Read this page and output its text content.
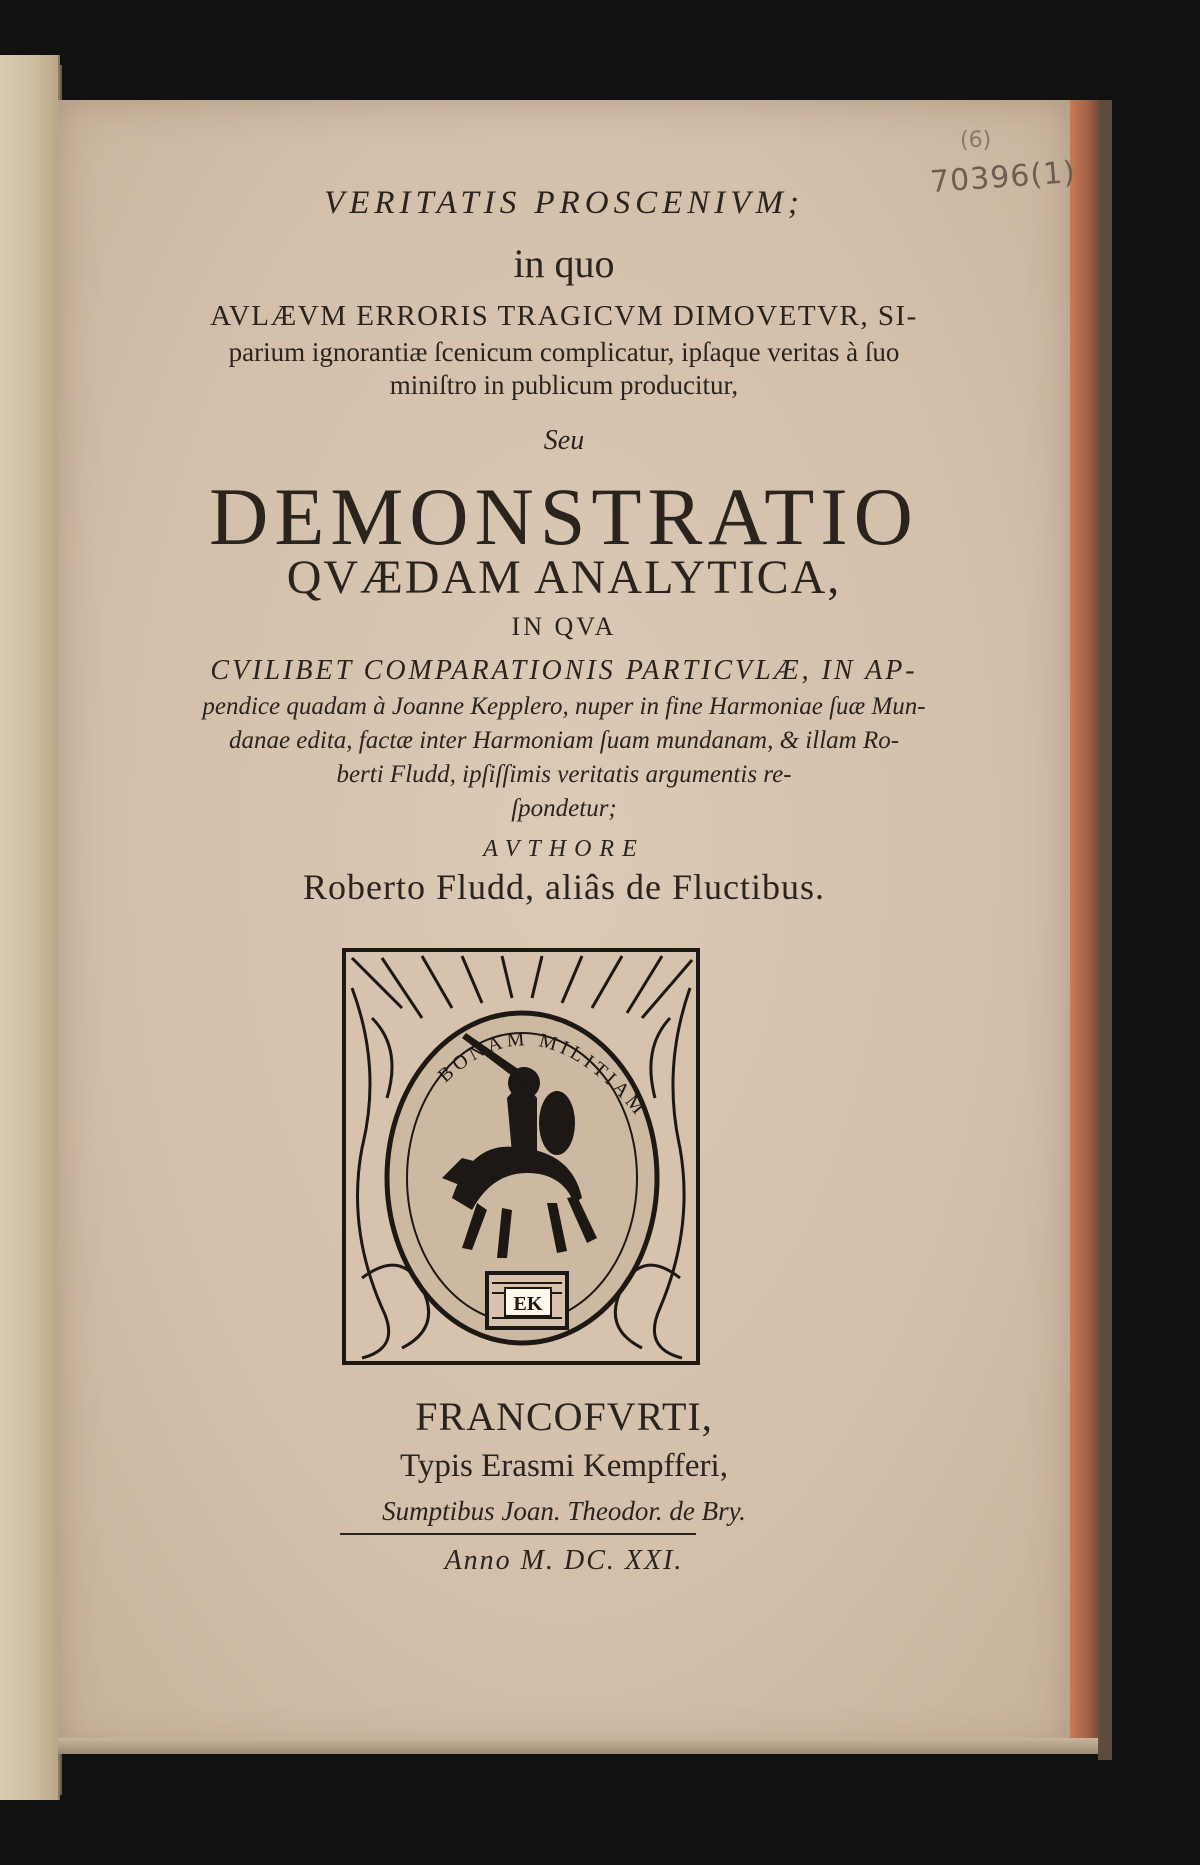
(6)
70396(1)
VERITATIS PROSCENIVM;
in quo
AVLÆVM ERRORIS TRAGICVM DIMOVETVR, SI-
parium ignorantiæ ſcenicum complicatur, ipſaque veritas à ſuo
miniſtro in publicum producitur,
Seu
DEMONSTRATIO
QVÆDAM ANALYTICA,
IN QVA
CVILIBET COMPARATIONIS PARTICVLÆ, IN AP-
pendice quadam à Joanne Kepplero, nuper in fine Harmoniae ſuæ Mun-
danae edita, factæ inter Harmoniam ſuam mundanam, & illam Ro-
berti Fludd, ipſiſſimis veritatis argumentis re-
ſpondetur;
AVTHORE
Roberto Fludd, aliâs de Fluctibus.
EK
BONAM MILITIAM
FRANCOFVRTI,
Typis Erasmi Kempfferi,
Sumptibus Joan. Theodor. de Bry.
Anno M. DC. XXI.
